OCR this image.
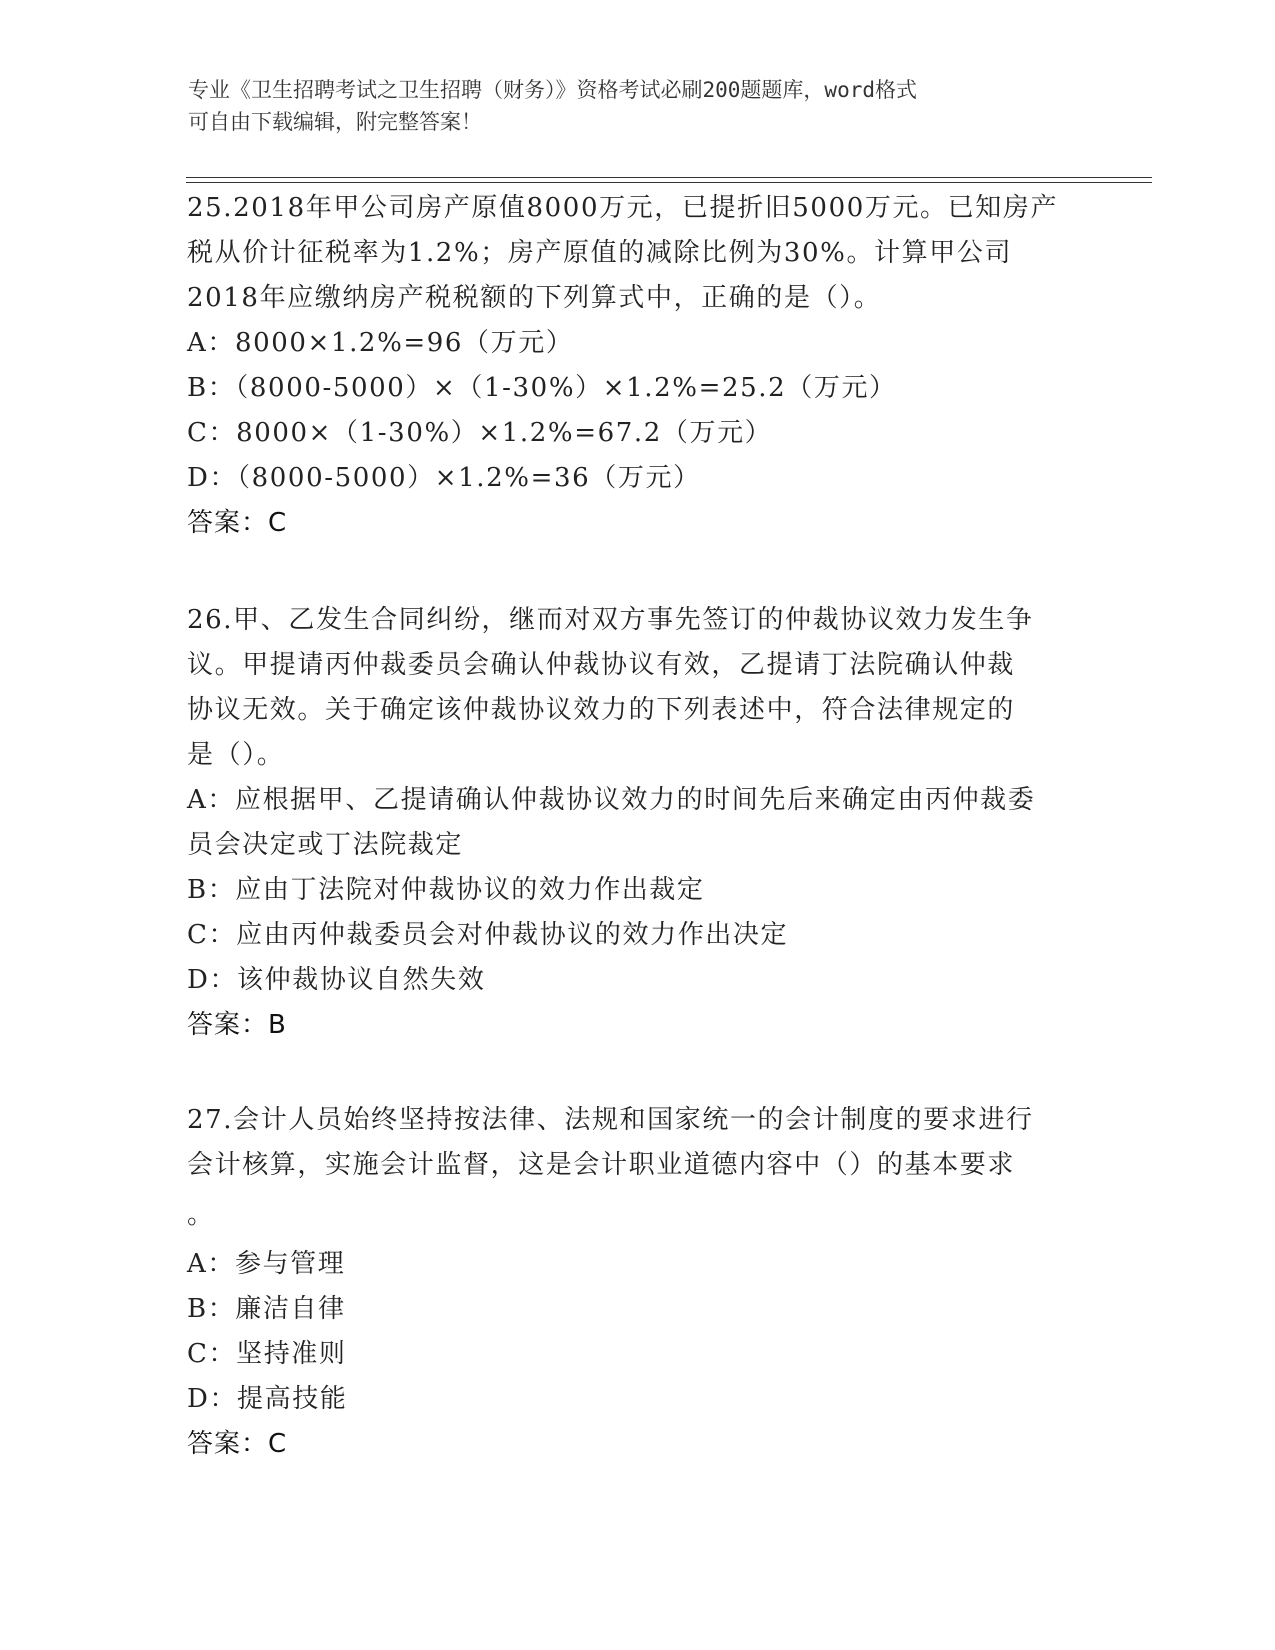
专业《卫生招聘考试之卫生招聘（财务）》资格考试必刷200题题库，word格式
可自由下载编辑，附完整答案！
25.2018年甲公司房产原值8000万元，已提折旧5000万元。已知房产
税从价计征税率为1.2%；房产原值的减除比例为30%。计算甲公司
2018年应缴纳房产税税额的下列算式中，正确的是（）。
A：8000×1.2%=96（万元）
B：（8000-5000）×（1-30%）×1.2%=25.2（万元）
C：8000×（1-30%）×1.2%=67.2（万元）
D：（8000-5000）×1.2%=36（万元）
答案：C
26.甲、乙发生合同纠纷，继而对双方事先签订的仲裁协议效力发生争
议。甲提请丙仲裁委员会确认仲裁协议有效，乙提请丁法院确认仲裁
协议无效。关于确定该仲裁协议效力的下列表述中，符合法律规定的
是（）。
A：应根据甲、乙提请确认仲裁协议效力的时间先后来确定由丙仲裁委
员会决定或丁法院裁定
B：应由丁法院对仲裁协议的效力作出裁定
C：应由丙仲裁委员会对仲裁协议的效力作出决定
D：该仲裁协议自然失效
答案：B
27.会计人员始终坚持按法律、法规和国家统一的会计制度的要求进行
会计核算，实施会计监督，这是会计职业道德内容中（）的基本要求
。
A：参与管理
B：廉洁自律
C：坚持准则
D：提高技能
答案：C
